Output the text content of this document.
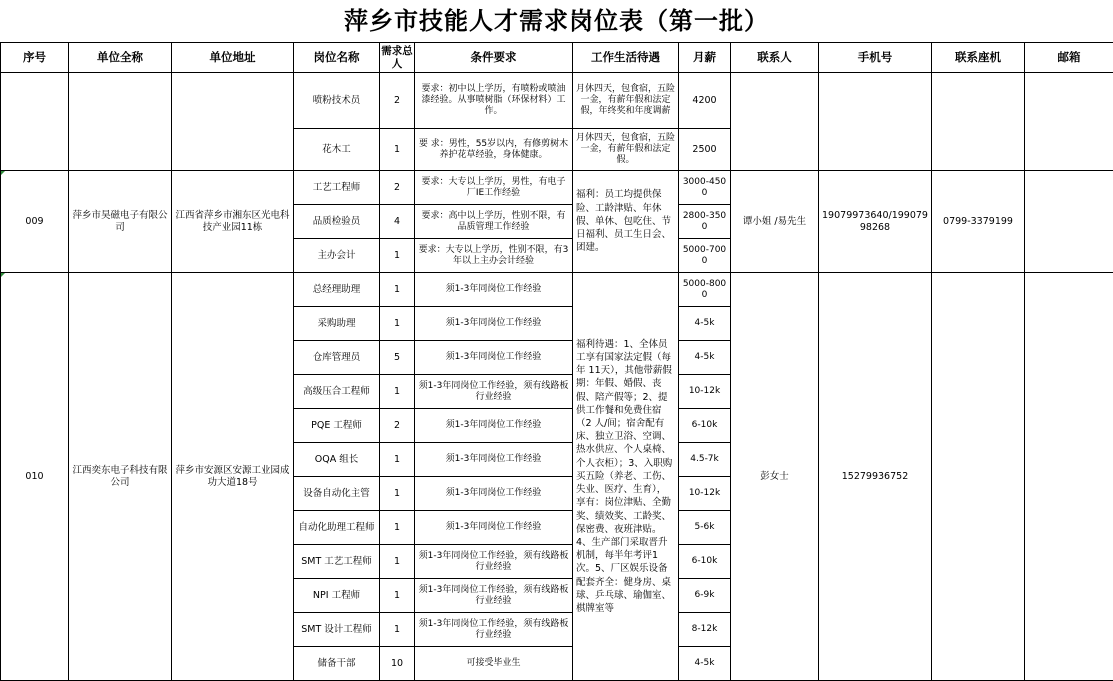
萍乡市技能人才需求岗位表（第一批）
序号	单位全称	单位地址	岗位名称	需求总人	条件要求	工作生活待遇	月薪	联系人	手机号	联系座机	邮箱
			喷粉技术员	2	要求：初中以上学历，有喷粉或喷油漆经验。从事喷树脂（环保材料）工作。	月休四天，包食宿，五险一金，有薪年假和法定假，年终奖和年度调薪	4200				
			花木工	1	要 求：男性，55岁以内，有修剪树木养护花草经验，身体健康。	月休四天，包食宿，五险一金，有薪年假和法定假。	2500				
009	萍乡市昊磁电子有限公司	江西省萍乡市湘东区光电科技产业园11栋	工艺工程师	2	要求：大专以上学历，男性，有电子厂IE工作经验	福利：员工均提供保险、工龄津贴、年休假、单休、包吃住、节日福利、员工生日会、团建。	3000-4500	谭小姐 /易先生	19079973640/19907998268	0799-3379199	
			品质检验员	4	要求：高中以上学历，性别不限，有品质管理工作经验		2800-3500				
			主办会计	1	要求：大专以上学历，性别不限，有3年以上主办会计经验		5000-7000				
010	江西奕东电子科技有限公司	萍乡市安源区安源工业园成功大道18号	总经理助理	1	须1-3年同岗位工作经验	福利待遇：1、全体员工享有国家法定假（每年 11天），其他带薪假期：年假、婚假、丧假、陪产假等；2、提供工作餐和免费住宿（2 人/间；宿舍配有床、独立卫浴、空调、热水供应、个人桌椅、个人衣柜）；3、入职购买五险（养老、工伤、失业、医疗、生育），享有：岗位津贴、全勤奖、绩效奖、工龄奖、保密费、夜班津贴。4、生产部门采取晋升机制，每半年考评1 次。5、厂区娱乐设备配套齐全：健身房、桌球、乒乓球、瑜伽室、棋牌室等	5000-8000	彭女士	15279936752		
			采购助理	1	须1-3年同岗位工作经验		4-5k				
			仓库管理员	5	须1-3年同岗位工作经验		4-5k				
			高级压合工程师	1	须1-3年同岗位工作经验，须有线路板行业经验		10-12k				
			PQE 工程师	2	须1-3年同岗位工作经验		6-10k				
			OQA 组长	1	须1-3年同岗位工作经验		4.5-7k				
			设备自动化主管	1	须1-3年同岗位工作经验		10-12k				
			自动化助理工程师	1	须1-3年同岗位工作经验		5-6k				
			SMT 工艺工程师	1	须1-3年同岗位工作经验，须有线路板行业经验		6-10k				
			NPI 工程师	1	须1-3年同岗位工作经验，须有线路板行业经验		6-9k				
			SMT 设计工程师	1	须1-3年同岗位工作经验，须有线路板行业经验		8-12k				
			储备干部	10	可接受毕业生		4-5k				
